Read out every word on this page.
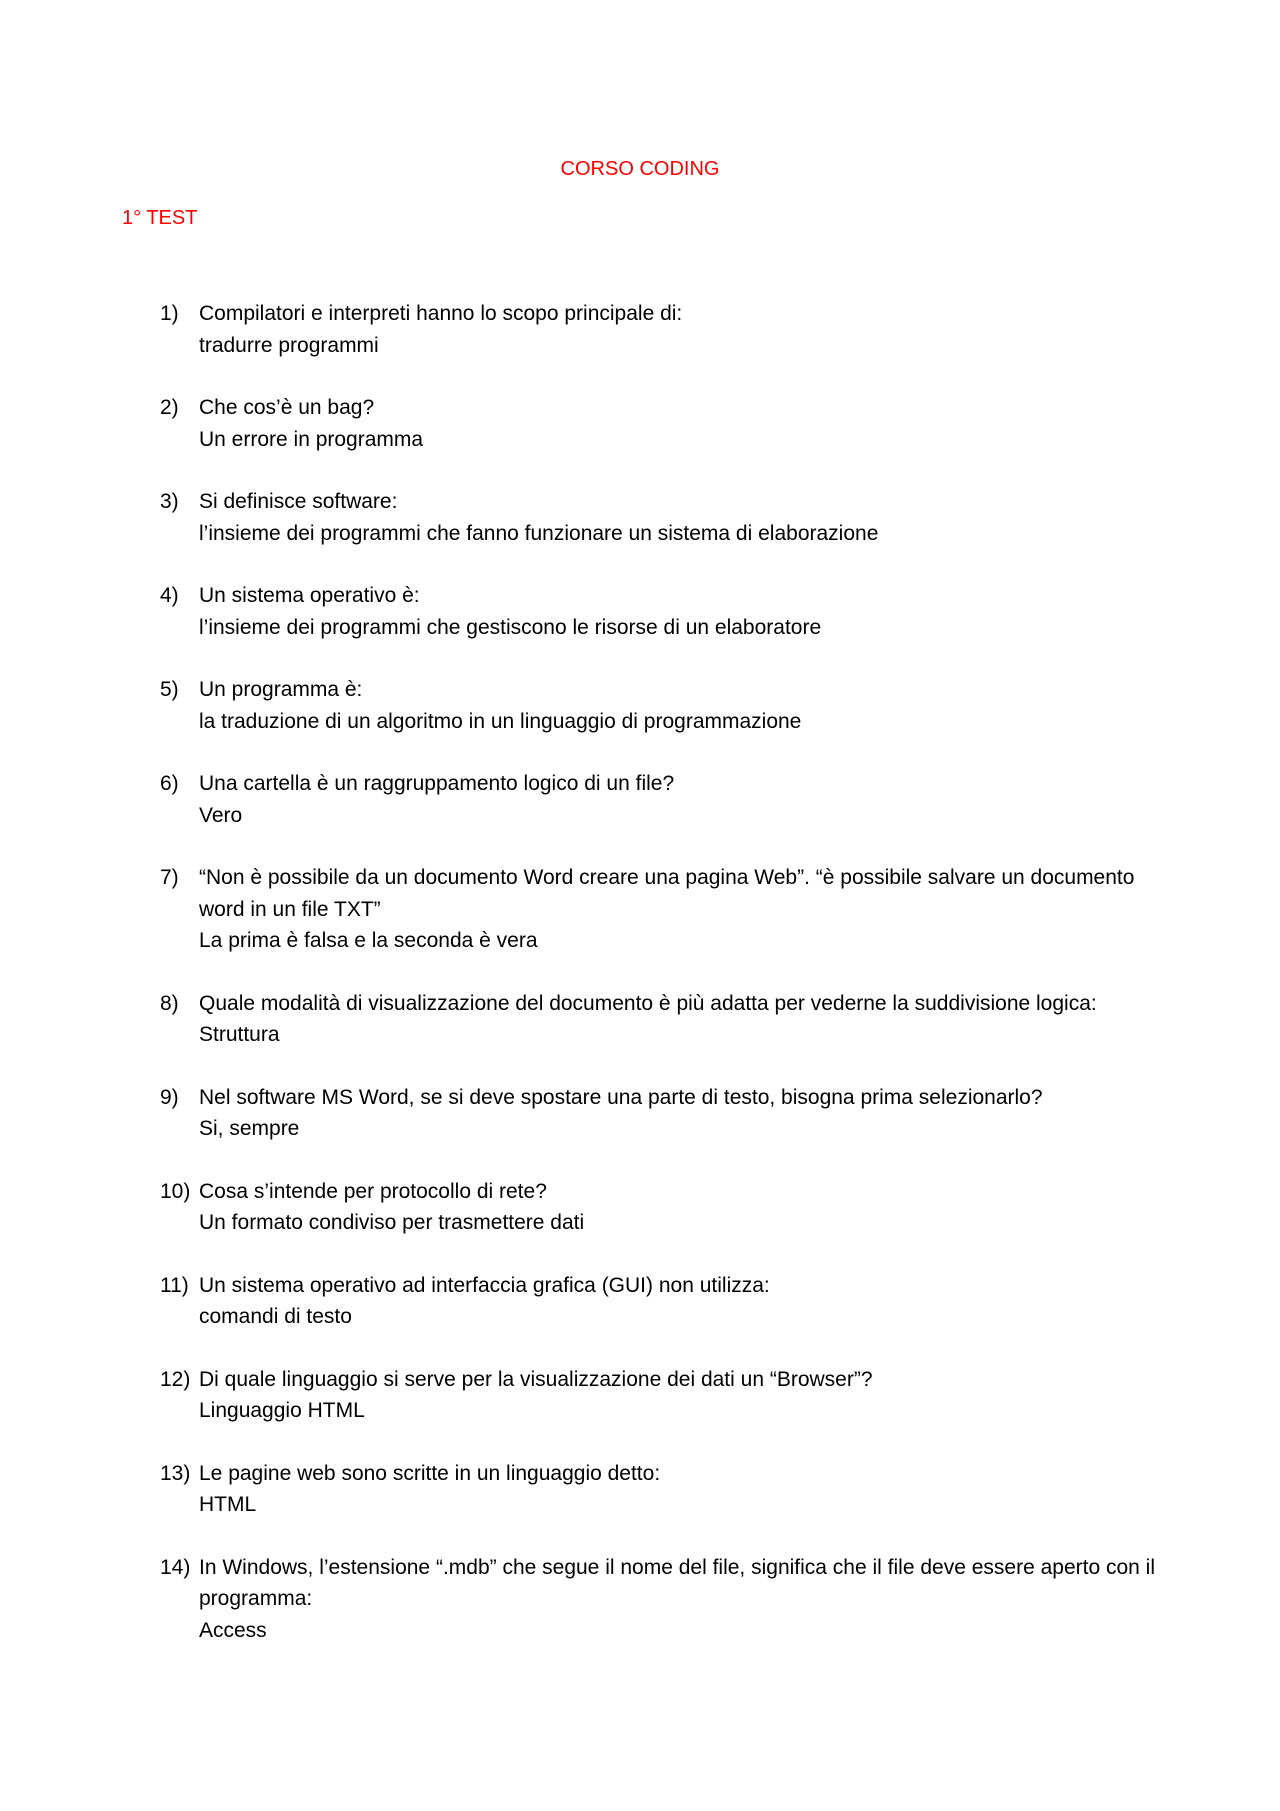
CORSO CODING
1° TEST
1) Compilatori e interpreti hanno lo scopo principale di:
tradurre programmi
2) Che cos’è un bag?
Un errore in programma
3) Si definisce software:
l’insieme dei programmi che fanno funzionare un sistema di elaborazione
4) Un sistema operativo è:
l’insieme dei programmi che gestiscono le risorse di un elaboratore
5) Un programma è:
la traduzione di un algoritmo in un linguaggio di programmazione
6) Una cartella è un raggruppamento logico di un file?
Vero
7) “Non è possibile da un documento Word creare una pagina Web”. “è possibile salvare un documento word in un file TXT”
La prima è falsa e la seconda è vera
8) Quale modalità di visualizzazione del documento è più adatta per vederne la suddivisione logica:
Struttura
9) Nel software MS Word, se si deve spostare una parte di testo, bisogna prima selezionarlo?
Si, sempre
10) Cosa s’intende per protocollo di rete?
Un formato condiviso per trasmettere dati
11) Un sistema operativo ad interfaccia grafica (GUI) non utilizza:
comandi di testo
12) Di quale linguaggio si serve per la visualizzazione dei dati un “Browser”?
Linguaggio HTML
13) Le pagine web sono scritte in un linguaggio detto:
HTML
14) In Windows, l’estensione “.mdb” che segue il nome del file, significa che il file deve essere aperto con il programma:
Access
